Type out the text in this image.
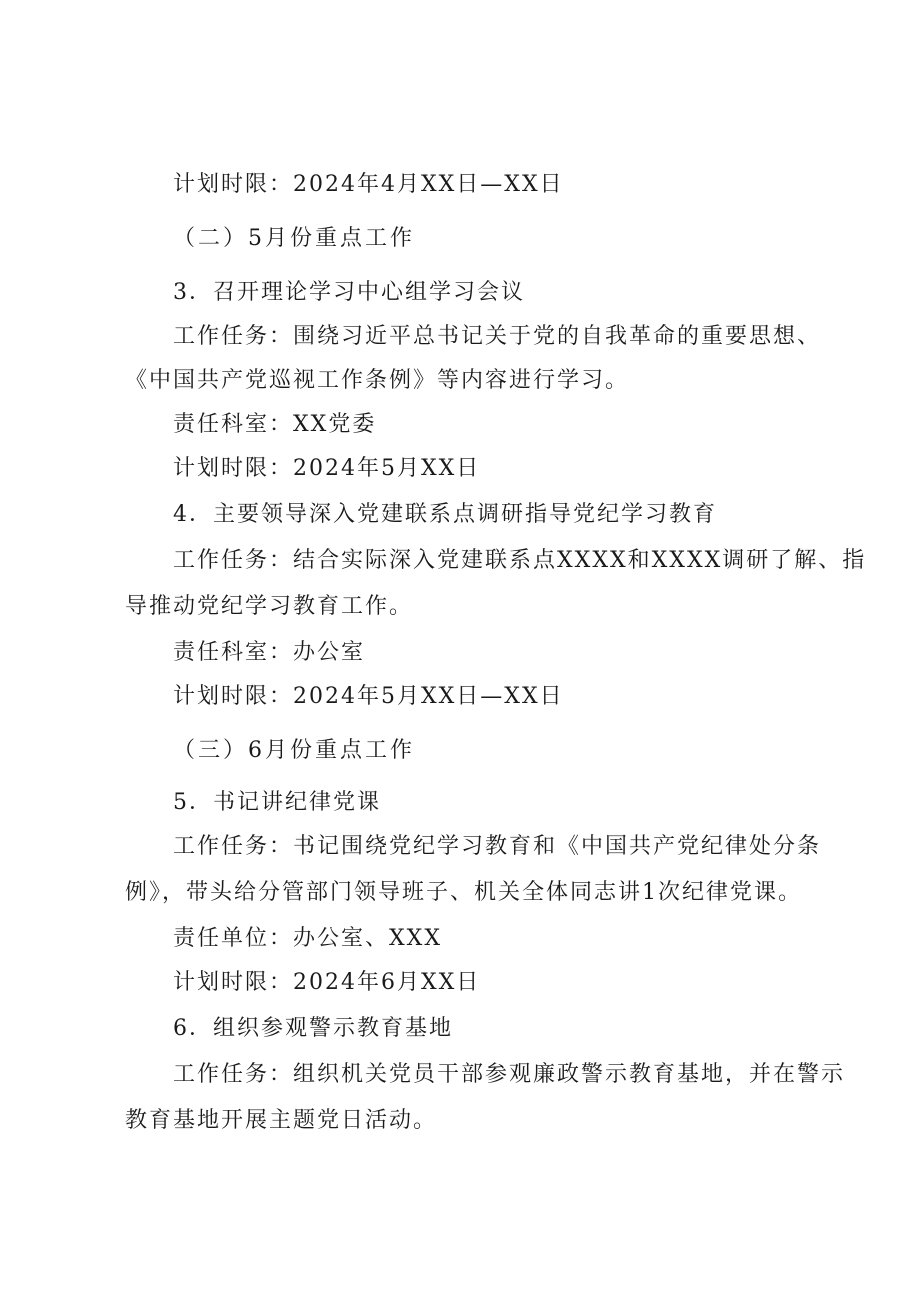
计划时限：2024年4月XX日—XX日
（二）5月份重点工作
3．召开理论学习中心组学习会议
工作任务：围绕习近平总书记关于党的自我革命的重要思想、
《中国共产党巡视工作条例》等内容进行学习。
责任科室：XX党委
计划时限：2024年5月XX日
4．主要领导深入党建联系点调研指导党纪学习教育
工作任务：结合实际深入党建联系点XXXX和XXXX调研了解、指
导推动党纪学习教育工作。
责任科室：办公室
计划时限：2024年5月XX日—XX日
（三）6月份重点工作
5．书记讲纪律党课
工作任务：书记围绕党纪学习教育和《中国共产党纪律处分条
例》，带头给分管部门领导班子、机关全体同志讲1次纪律党课。
责任单位：办公室、XXX
计划时限：2024年6月XX日
6．组织参观警示教育基地
工作任务：组织机关党员干部参观廉政警示教育基地，并在警示
教育基地开展主题党日活动。
